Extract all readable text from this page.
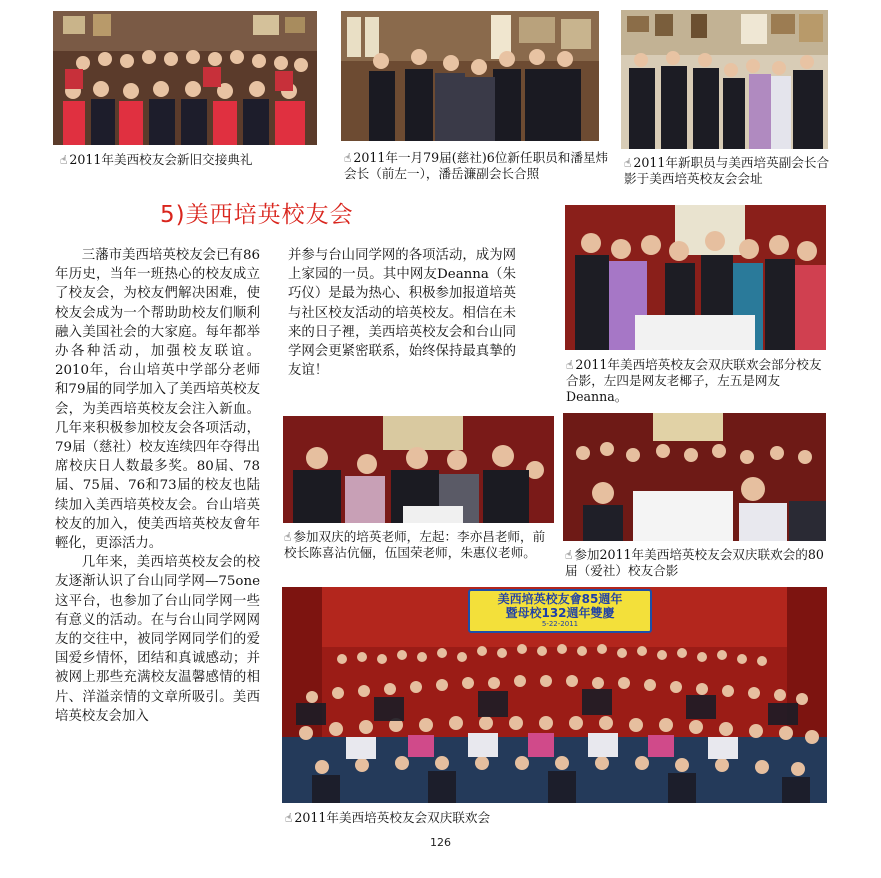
☝ 2011年美西校友会新旧交接典礼	☝ 2011年一月79届(慈社)6位新任职员和潘星炜会长（前左一），潘岳濂副会长合照
☝ 2011年新职员与美西培英副会长合影于美西培英校友会会址
5)美西培英校友会

三藩市美西培英校友会已有86年历史，当年一班热心的校友成立了校友会，为校友們解决困难，使校友会成为一个帮助助校友们顺利融入美国社会的大家庭。每年都举办各种活动，加强校友联谊。2010年，台山培英中学部分老师和79届的同学加入了美西培英校友会，为美西培英校友会注入新血。几年来积极参加校友会各项活动，79届（慈社）校友连续四年夺得出席校庆日人数最多奖。80届、78届、75届、76和73届的校友也陆续加入美西培英校友会。台山培英校友的加入，使美西培英校友會年輕化，更添活力。

几年来，美西培英校友会的校友逐渐认识了台山同学网—75one这平台，也参加了台山同学网一些有意义的活动。在与台山同学网网友的交往中，被同学网同学们的爱国爱乡情怀，团结和真诚感动；并被网上那些充满校友温馨感情的相片、洋溢亲情的文章所吸引。美西培英校友会加入

并参与台山同学网的各项活动，成为网上家园的一员。其中网友Deanna（朱巧仪）是最为热心、积极参加报道培英与社区校友活动的培英校友。相信在未来的日子裡，美西培英校友会和台山同学网会更紧密联系，始终保持最真摯的友谊！	☝ 2011年美西培英校友会双庆联欢会部分校友合影，左四是网友老椰子，左五是网友Deanna。
☝ 参加双庆的培英老师，左起：李亦昌老师，前校长陈喜沾伉俪，伍国荣老师，朱惠仪老师。	☝ 参加2011年美西培英校友会双庆联欢会的80届（爱社）校友合影
美西培英校友會85週年
暨母校132週年雙慶
5-22-2011
☝ 2011年美西培英校友会双庆联欢会
126
